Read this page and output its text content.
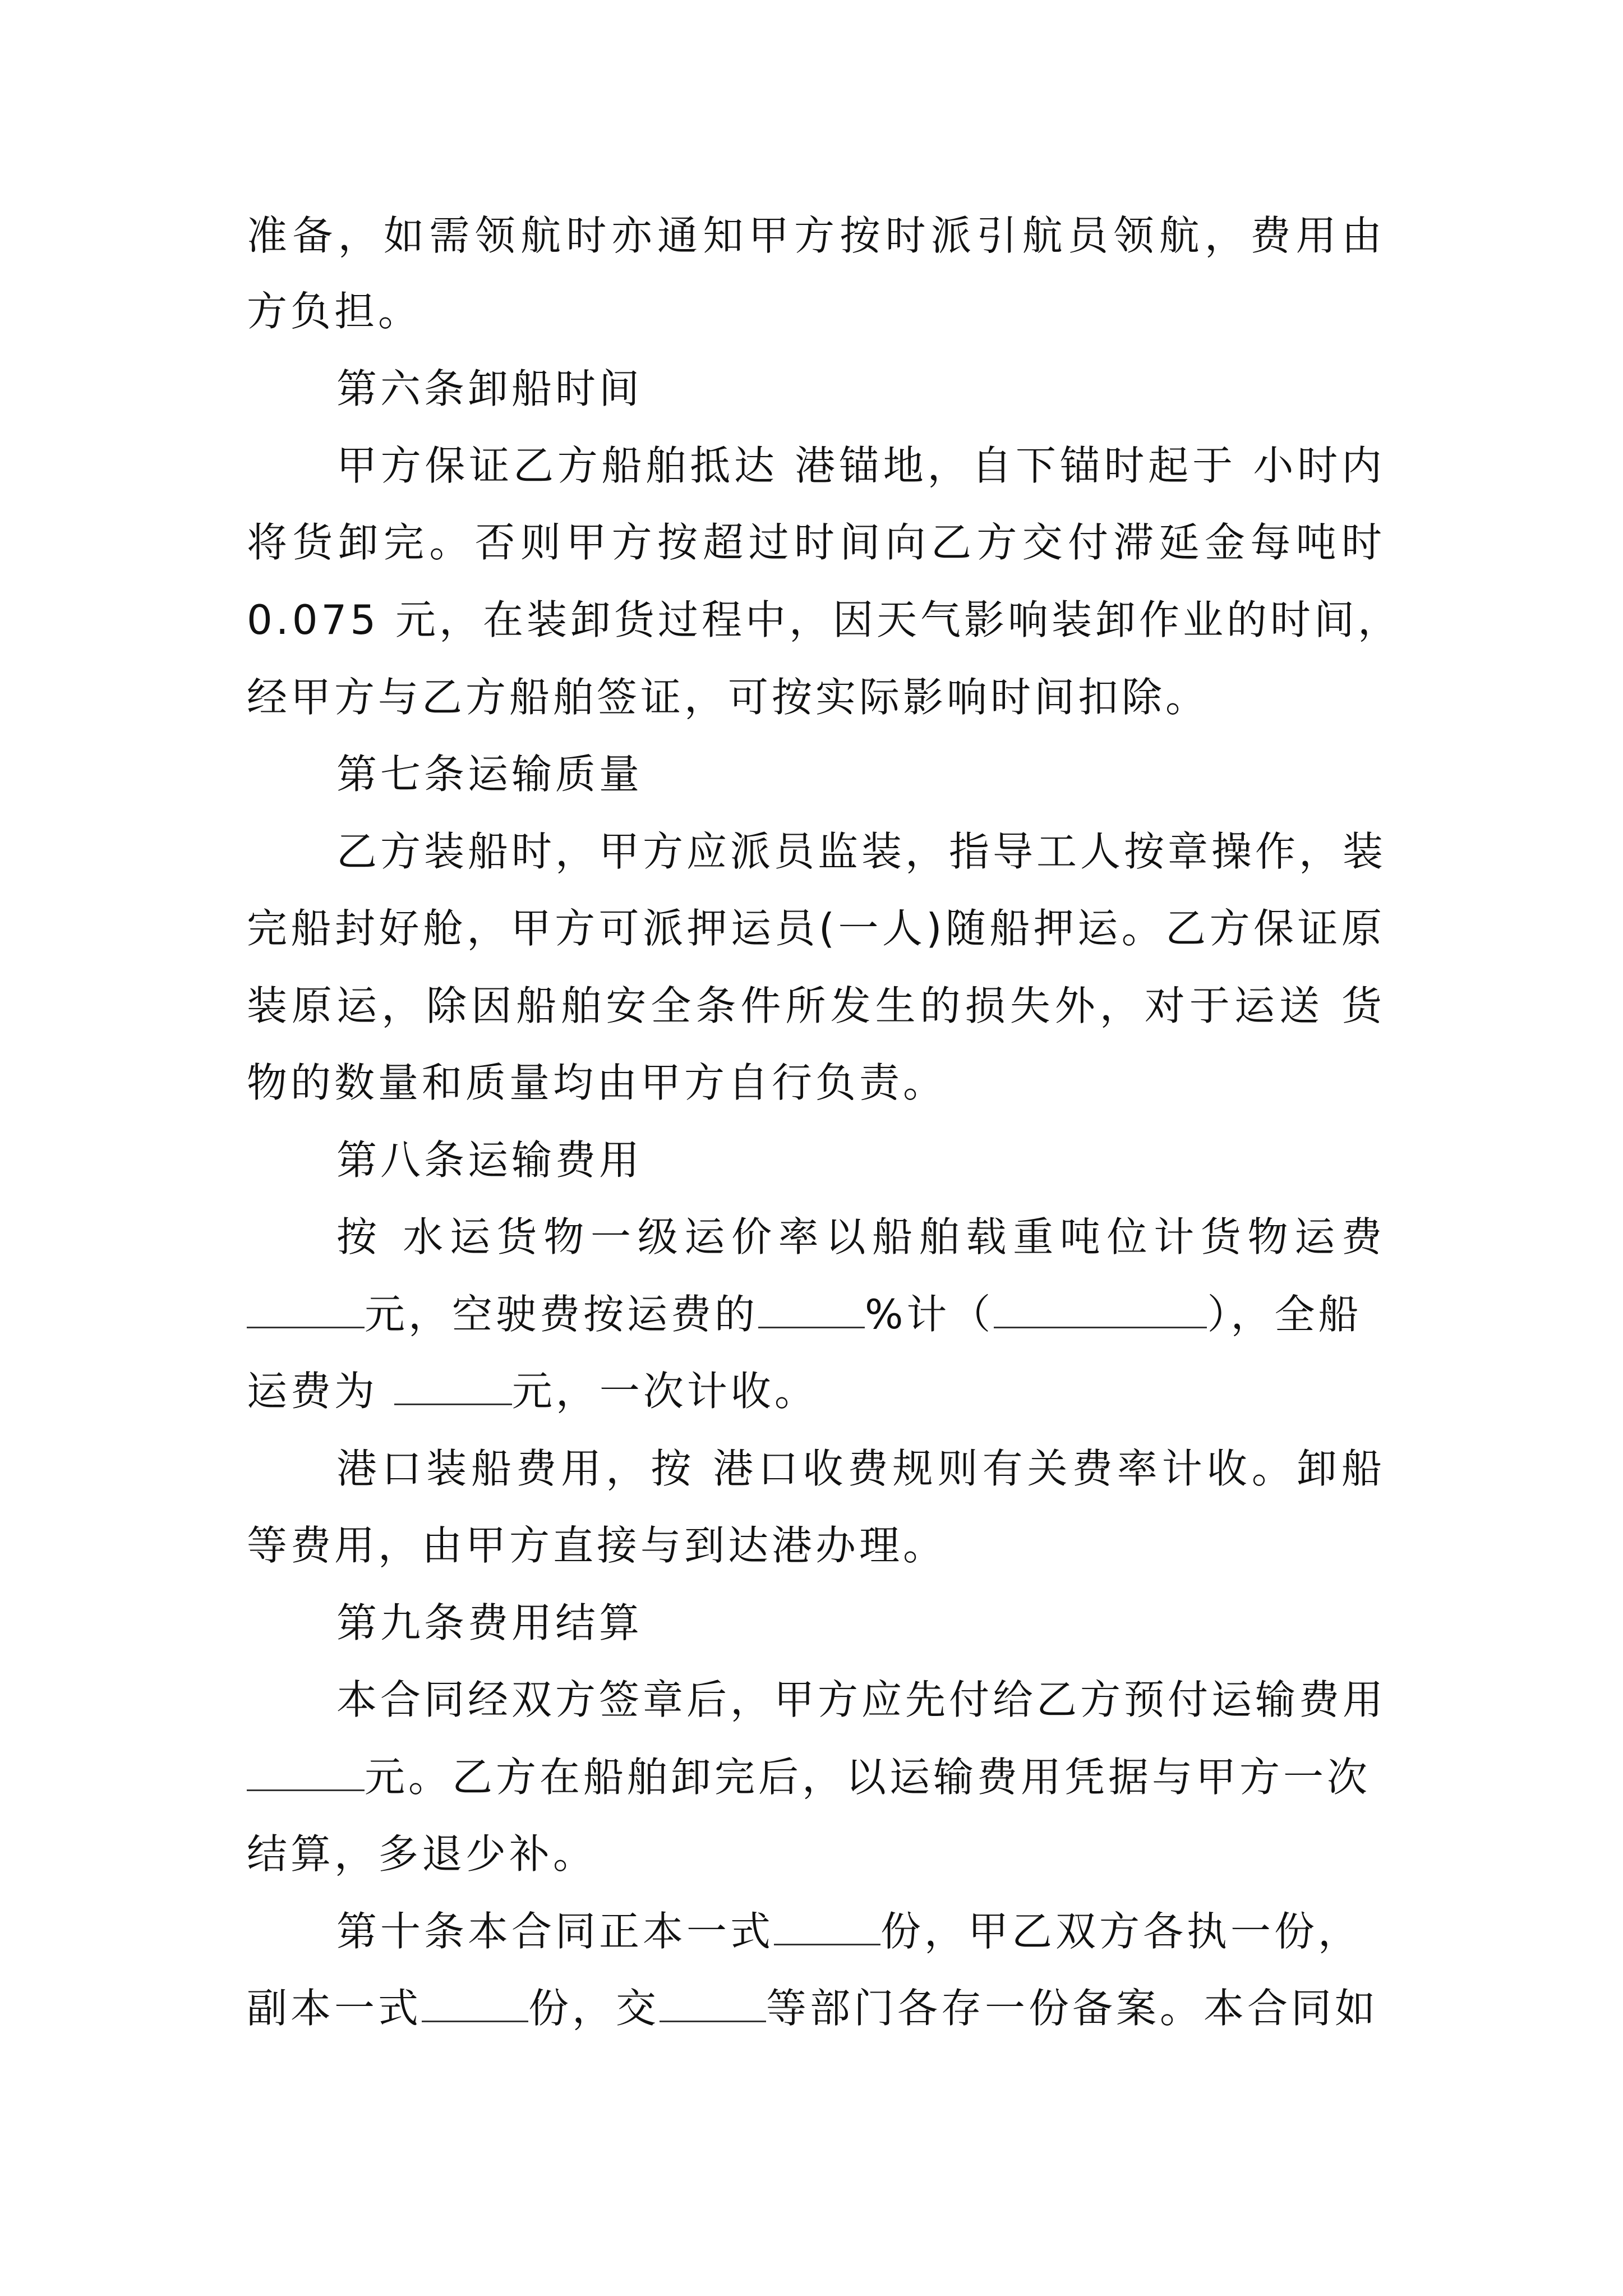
准备，如需领航时亦通知甲方按时派引航员领航，费用由
方负担。
第六条卸船时间
甲方保证乙方船舶抵达 港锚地，自下锚时起于 小时内
将货卸完。否则甲方按超过时间向乙方交付滞延金每吨时
0.075 元，在装卸货过程中，因天气影响装卸作业的时间，
经甲方与乙方船舶签证，可按实际影响时间扣除。
第七条运输质量
乙方装船时，甲方应派员监装，指导工人按章操作，装
完船封好舱，甲方可派押运员(一人)随船押运。乙方保证原
装原运，除因船舶安全条件所发生的损失外，对于运送 货
物的数量和质量均由甲方自行负责。
第八条运输费用
按 水运货物一级运价率以船舶载重吨位计货物运费
元，空驶费按运费的	%计（	），全船
运费为	元，一次计收。
港口装船费用，按 港口收费规则有关费率计收。卸船
等费用，由甲方直接与到达港办理。
第九条费用结算
本合同经双方签章后，甲方应先付给乙方预付运输费用
元。乙方在船舶卸完后，以运输费用凭据与甲方一次
结算，多退少补。
第十条本合同正本一式	份，甲乙双方各执一份，
副本一式	份，交	等部门各存一份备案。本合同如
